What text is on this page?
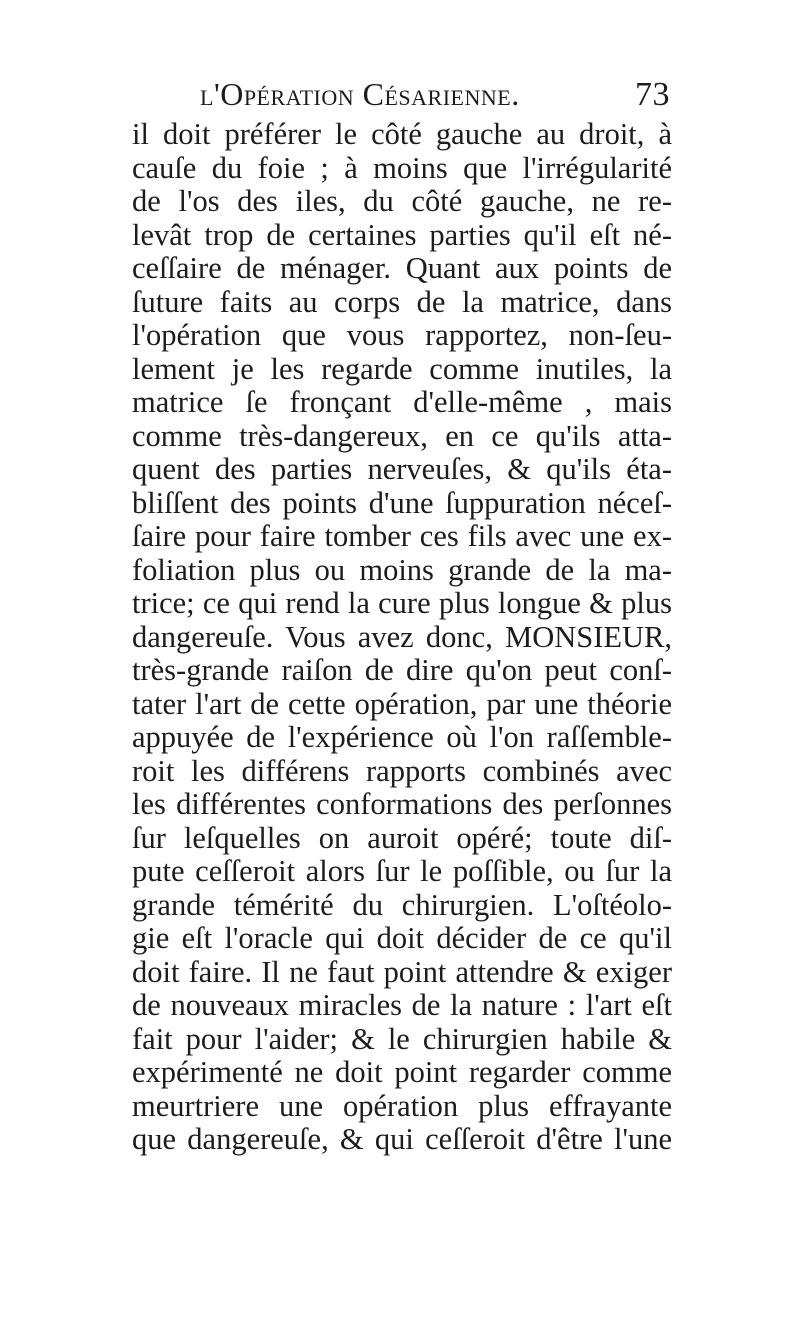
l'Opération Césarienne.	73
il doit préférer le côté gauche au droit, à
cauſe du foie ; à moins que l'irrégularité
de l'os des iles, du côté gauche, ne re-
levât trop de certaines parties qu'il eſt né-
ceſſaire de ménager. Quant aux points de
ſuture faits au corps de la matrice, dans
l'opération que vous rapportez, non-ſeu-
lement je les regarde comme inutiles, la
matrice ſe fronçant d'elle-même , mais
comme très-dangereux, en ce qu'ils atta-
quent des parties nerveuſes, & qu'ils éta-
bliſſent des points d'une ſuppuration néceſ-
ſaire pour faire tomber ces fils avec une ex-
foliation plus ou moins grande de la ma-
trice; ce qui rend la cure plus longue & plus
dangereuſe. Vous avez donc, MONSIEUR,
très-grande raiſon de dire qu'on peut conſ-
tater l'art de cette opération, par une théorie
appuyée de l'expérience où l'on raſſemble-
roit les différens rapports combinés avec
les différentes conformations des perſonnes
ſur leſquelles on auroit opéré; toute diſ-
pute ceſſeroit alors ſur le poſſible, ou ſur la
grande témérité du chirurgien. L'oſtéolo-
gie eſt l'oracle qui doit décider de ce qu'il
doit faire. Il ne faut point attendre & exiger
de nouveaux miracles de la nature : l'art eſt
fait pour l'aider; & le chirurgien habile &
expérimenté ne doit point regarder comme
meurtriere une opération plus effrayante
que dangereuſe, & qui ceſſeroit d'être l'une
